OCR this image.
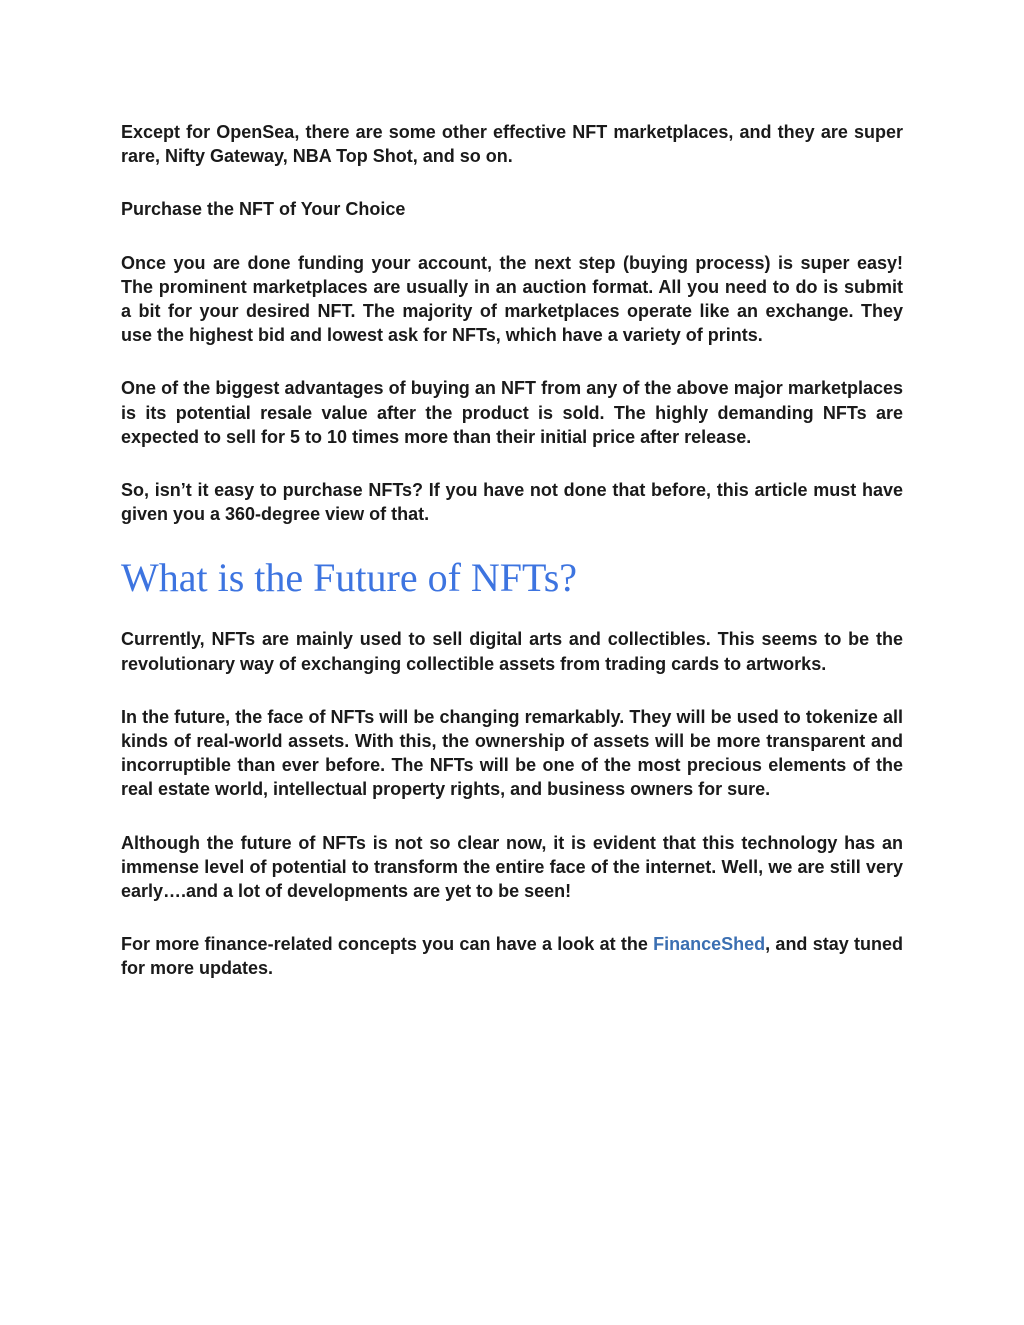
Except for OpenSea, there are some other effective NFT marketplaces, and they are super rare, Nifty Gateway, NBA Top Shot, and so on.

Purchase the NFT of Your Choice

Once you are done funding your account, the next step (buying process) is super easy! The prominent marketplaces are usually in an auction format. All you need to do is submit a bit for your desired NFT. The majority of marketplaces operate like an exchange. They use the highest bid and lowest ask for NFTs, which have a variety of prints.

One of the biggest advantages of buying an NFT from any of the above major marketplaces is its potential resale value after the product is sold. The highly demanding NFTs are expected to sell for 5 to 10 times more than their initial price after release.

So, isn’t it easy to purchase NFTs? If you have not done that before, this article must have given you a 360-degree view of that.

What is the Future of NFTs?

Currently, NFTs are mainly used to sell digital arts and collectibles. This seems to be the revolutionary way of exchanging collectible assets from trading cards to artworks.

In the future, the face of NFTs will be changing remarkably. They will be used to tokenize all kinds of real-world assets. With this, the ownership of assets will be more transparent and incorruptible than ever before. The NFTs will be one of the most precious elements of the real estate world, intellectual property rights, and business owners for sure.

Although the future of NFTs is not so clear now, it is evident that this technology has an immense level of potential to transform the entire face of the internet. Well, we are still very early….and a lot of developments are yet to be seen!

For more finance-related concepts you can have a look at the FinanceShed, and stay tuned for more updates.
